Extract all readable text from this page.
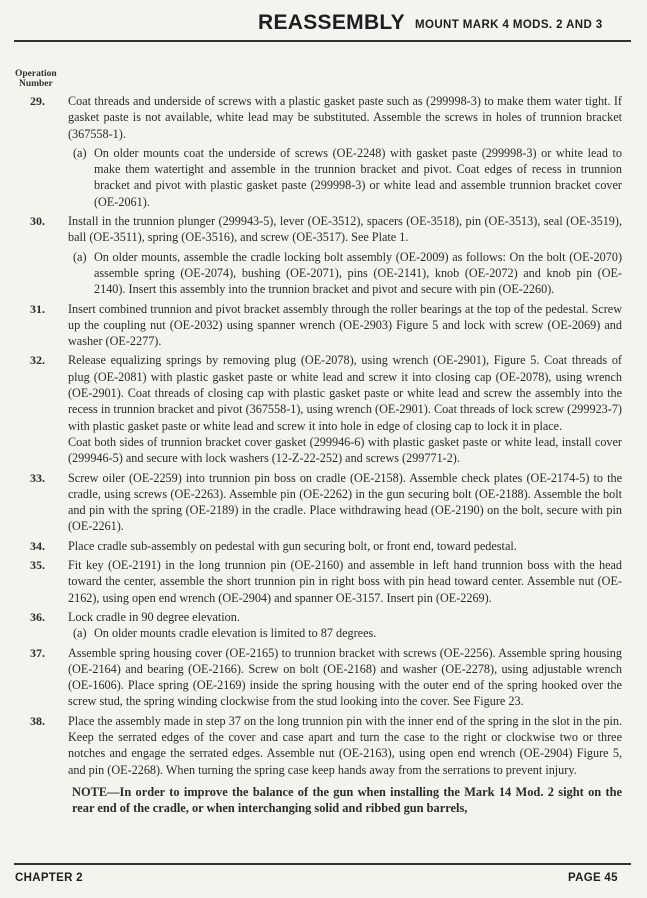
REASSEMBLY MOUNT MARK 4 MODS. 2 AND 3
Operation
Number
29. Coat threads and underside of screws with a plastic gasket paste such as (299998-3) to make them water tight. If gasket paste is not available, white lead may be substituted. Assemble the screws in holes of trunnion bracket (367558-1).
(a) On older mounts coat the underside of screws (OE-2248) with gasket paste (299998-3) or white lead to make them watertight and assemble in the trunnion bracket and pivot. Coat edges of recess in trunnion bracket and pivot with plastic gasket paste (299998-3) or white lead and assemble trunnion bracket cover (OE-2061).
30. Install in the trunnion plunger (299943-5), lever (OE-3512), spacers (OE-3518), pin (OE-3513), seal (OE-3519), ball (OE-3511), spring (OE-3516), and screw (OE-3517). See Plate 1.
(a) On older mounts, assemble the cradle locking bolt assembly (OE-2009) as follows: On the bolt (OE-2070) assemble spring (OE-2074), bushing (OE-2071), pins (OE-2141), knob (OE-2072) and knob pin (OE-2140). Insert this assembly into the trunnion bracket and pivot and secure with pin (OE-2260).
31. Insert combined trunnion and pivot bracket assembly through the roller bearings at the top of the pedestal. Screw up the coupling nut (OE-2032) using spanner wrench (OE-2903) Figure 5 and lock with screw (OE-2069) and washer (OE-2277).
32. Release equalizing springs by removing plug (OE-2078), using wrench (OE-2901), Figure 5. Coat threads of plug (OE-2081) with plastic gasket paste or white lead and screw it into closing cap (OE-2078), using wrench (OE-2901). Coat threads of closing cap with plastic gasket paste or white lead and screw the assembly into the recess in trunnion bracket and pivot (367558-1), using wrench (OE-2901). Coat threads of lock screw (299923-7) with plastic gasket paste or white lead and screw it into hole in edge of closing cap to lock it in place.
Coat both sides of trunnion bracket cover gasket (299946-6) with plastic gasket paste or white lead, install cover (299946-5) and secure with lock washers (12-Z-22-252) and screws (299771-2).
33. Screw oiler (OE-2259) into trunnion pin boss on cradle (OE-2158). Assemble check plates (OE-2174-5) to the cradle, using screws (OE-2263). Assemble pin (OE-2262) in the gun securing bolt (OE-2188). Assemble the bolt and pin with the spring (OE-2189) in the cradle. Place withdrawing head (OE-2190) on the bolt, secure with pin (OE-2261).
34. Place cradle sub-assembly on pedestal with gun securing bolt, or front end, toward pedestal.
35. Fit key (OE-2191) in the long trunnion pin (OE-2160) and assemble in left hand trunnion boss with the head toward the center, assemble the short trunnion pin in right boss with pin head toward center. Assemble nut (OE-2162), using open end wrench (OE-2904) and spanner OE-3157. Insert pin (OE-2269).
36. Lock cradle in 90 degree elevation.
(a) On older mounts cradle elevation is limited to 87 degrees.
37. Assemble spring housing cover (OE-2165) to trunnion bracket with screws (OE-2256). Assemble spring housing (OE-2164) and bearing (OE-2166). Screw on bolt (OE-2168) and washer (OE-2278), using adjustable wrench (OE-1606). Place spring (OE-2169) inside the spring housing with the outer end of the spring hooked over the screw stud, the spring winding clockwise from the stud looking into the cover. See Figure 23.
38. Place the assembly made in step 37 on the long trunnion pin with the inner end of the spring in the slot in the pin. Keep the serrated edges of the cover and case apart and turn the case to the right or clockwise two or three notches and engage the serrated edges. Assemble nut (OE-2163), using open end wrench (OE-2904) Figure 5, and pin (OE-2268). When turning the spring case keep hands away from the serrations to prevent injury.
NOTE—In order to improve the balance of the gun when installing the Mark 14 Mod. 2 sight on the rear end of the cradle, or when interchanging solid and ribbed gun barrels,
CHAPTER 2	PAGE 45
